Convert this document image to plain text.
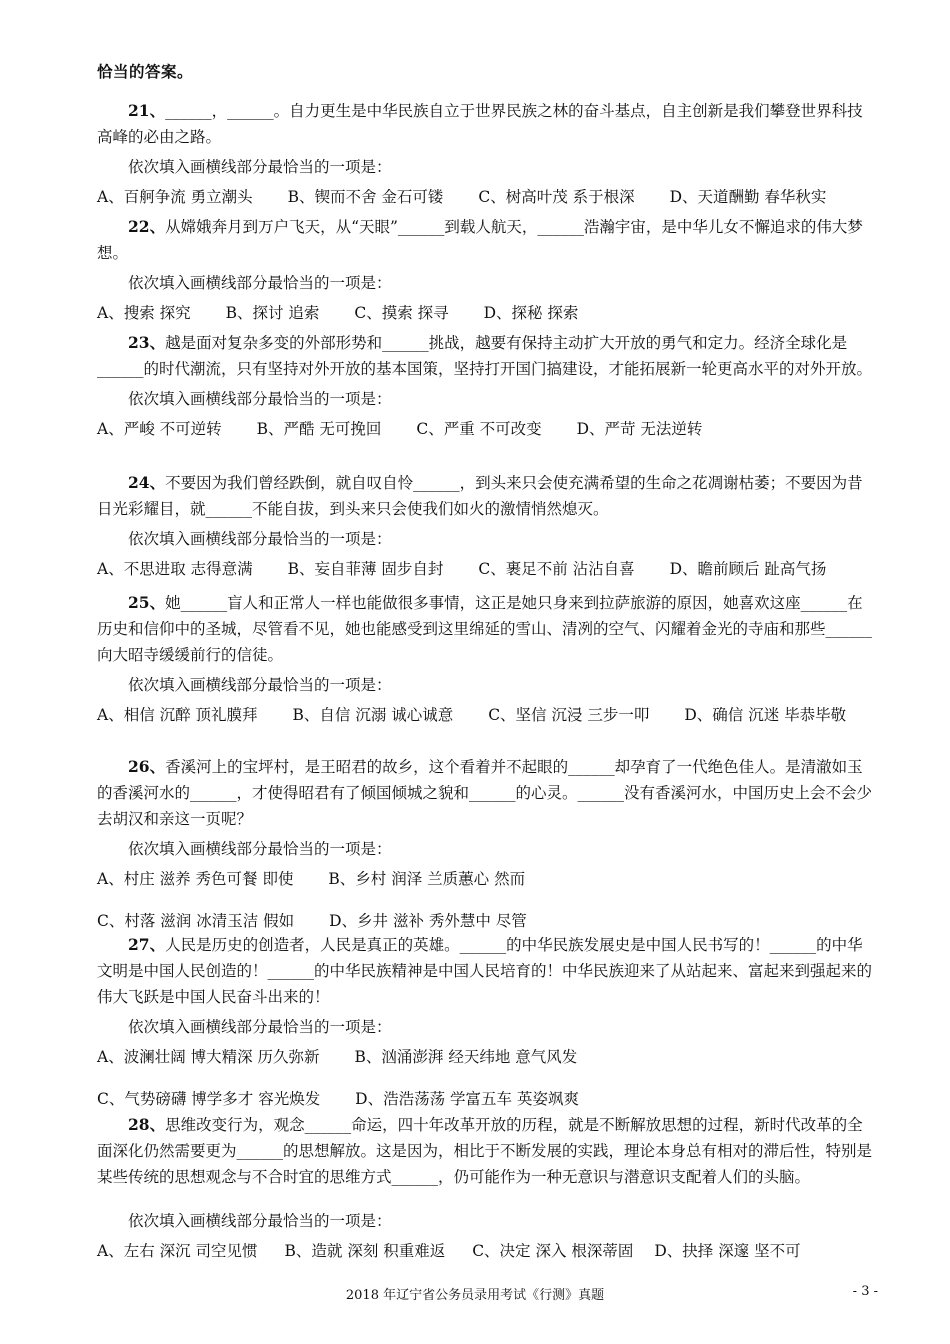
恰当的答案。
21、______，______。自力更生是中华民族自立于世界民族之林的奋斗基点，自主创新是我们攀登世界科技高峰的必由之路。
依次填入画横线部分最恰当的一项是：
A、百舸争流 勇立潮头 B、锲而不舍 金石可镂 C、树高叶茂 系于根深 D、天道酬勤 春华秋实
22、从嫦娥奔月到万户飞天，从“天眼”______到载人航天，______浩瀚宇宙，是中华儿女不懈追求的伟大梦想。
依次填入画横线部分最恰当的一项是：
A、搜索 探究 B、探讨 追索 C、摸索 探寻 D、探秘 探索
23、越是面对复杂多变的外部形势和______挑战，越要有保持主动扩大开放的勇气和定力。经济全球化是______的时代潮流，只有坚持对外开放的基本国策，坚持打开国门搞建设，才能拓展新一轮更高水平的对外开放。
依次填入画横线部分最恰当的一项是：
A、严峻 不可逆转 B、严酷 无可挽回 C、严重 不可改变 D、严苛 无法逆转
24、不要因为我们曾经跌倒，就自叹自怜______，到头来只会使充满希望的生命之花凋谢枯萎；不要因为昔日光彩耀目，就______不能自拔，到头来只会使我们如火的激情悄然熄灭。
依次填入画横线部分最恰当的一项是：
A、不思进取 志得意满 B、妄自菲薄 固步自封 C、裹足不前 沾沾自喜 D、瞻前顾后 趾高气扬
25、她______盲人和正常人一样也能做很多事情，这正是她只身来到拉萨旅游的原因，她喜欢这座______在历史和信仰中的圣城，尽管看不见，她也能感受到这里绵延的雪山、清冽的空气、闪耀着金光的寺庙和那些______向大昭寺缓缓前行的信徒。
依次填入画横线部分最恰当的一项是：
A、相信 沉醉 顶礼膜拜 B、自信 沉溺 诚心诚意 C、坚信 沉浸 三步一叩 D、确信 沉迷 毕恭毕敬
26、香溪河上的宝坪村，是王昭君的故乡，这个看着并不起眼的______却孕育了一代绝色佳人。是清澈如玉的香溪河水的______，才使得昭君有了倾国倾城之貌和______的心灵。______没有香溪河水，中国历史上会不会少去胡汉和亲这一页呢？
依次填入画横线部分最恰当的一项是：
A、村庄 滋养 秀色可餐 即使 B、乡村 润泽 兰质蕙心 然而
C、村落 滋润 冰清玉洁 假如 D、乡井 滋补 秀外慧中 尽管
27、人民是历史的创造者，人民是真正的英雄。______的中华民族发展史是中国人民书写的！______的中华文明是中国人民创造的！______的中华民族精神是中国人民培育的！中华民族迎来了从站起来、富起来到强起来的伟大飞跃是中国人民奋斗出来的！
依次填入画横线部分最恰当的一项是：
A、波澜壮阔 博大精深 历久弥新 B、汹涌澎湃 经天纬地 意气风发
C、气势磅礴 博学多才 容光焕发 D、浩浩荡荡 学富五车 英姿飒爽
28、思维改变行为，观念______命运，四十年改革开放的历程，就是不断解放思想的过程，新时代改革的全面深化仍然需要更为______的思想解放。这是因为，相比于不断发展的实践，理论本身总有相对的滞后性，特别是某些传统的思想观念与不合时宜的思维方式______，仍可能作为一种无意识与潜意识支配着人们的头脑。
依次填入画横线部分最恰当的一项是：
A、左右 深沉 司空见惯 B、造就 深刻 积重难返 C、决定 深入 根深蒂固 D、抉择 深邃 坚不可
2018 年辽宁省公务员录用考试《行测》真题	- 3 -
